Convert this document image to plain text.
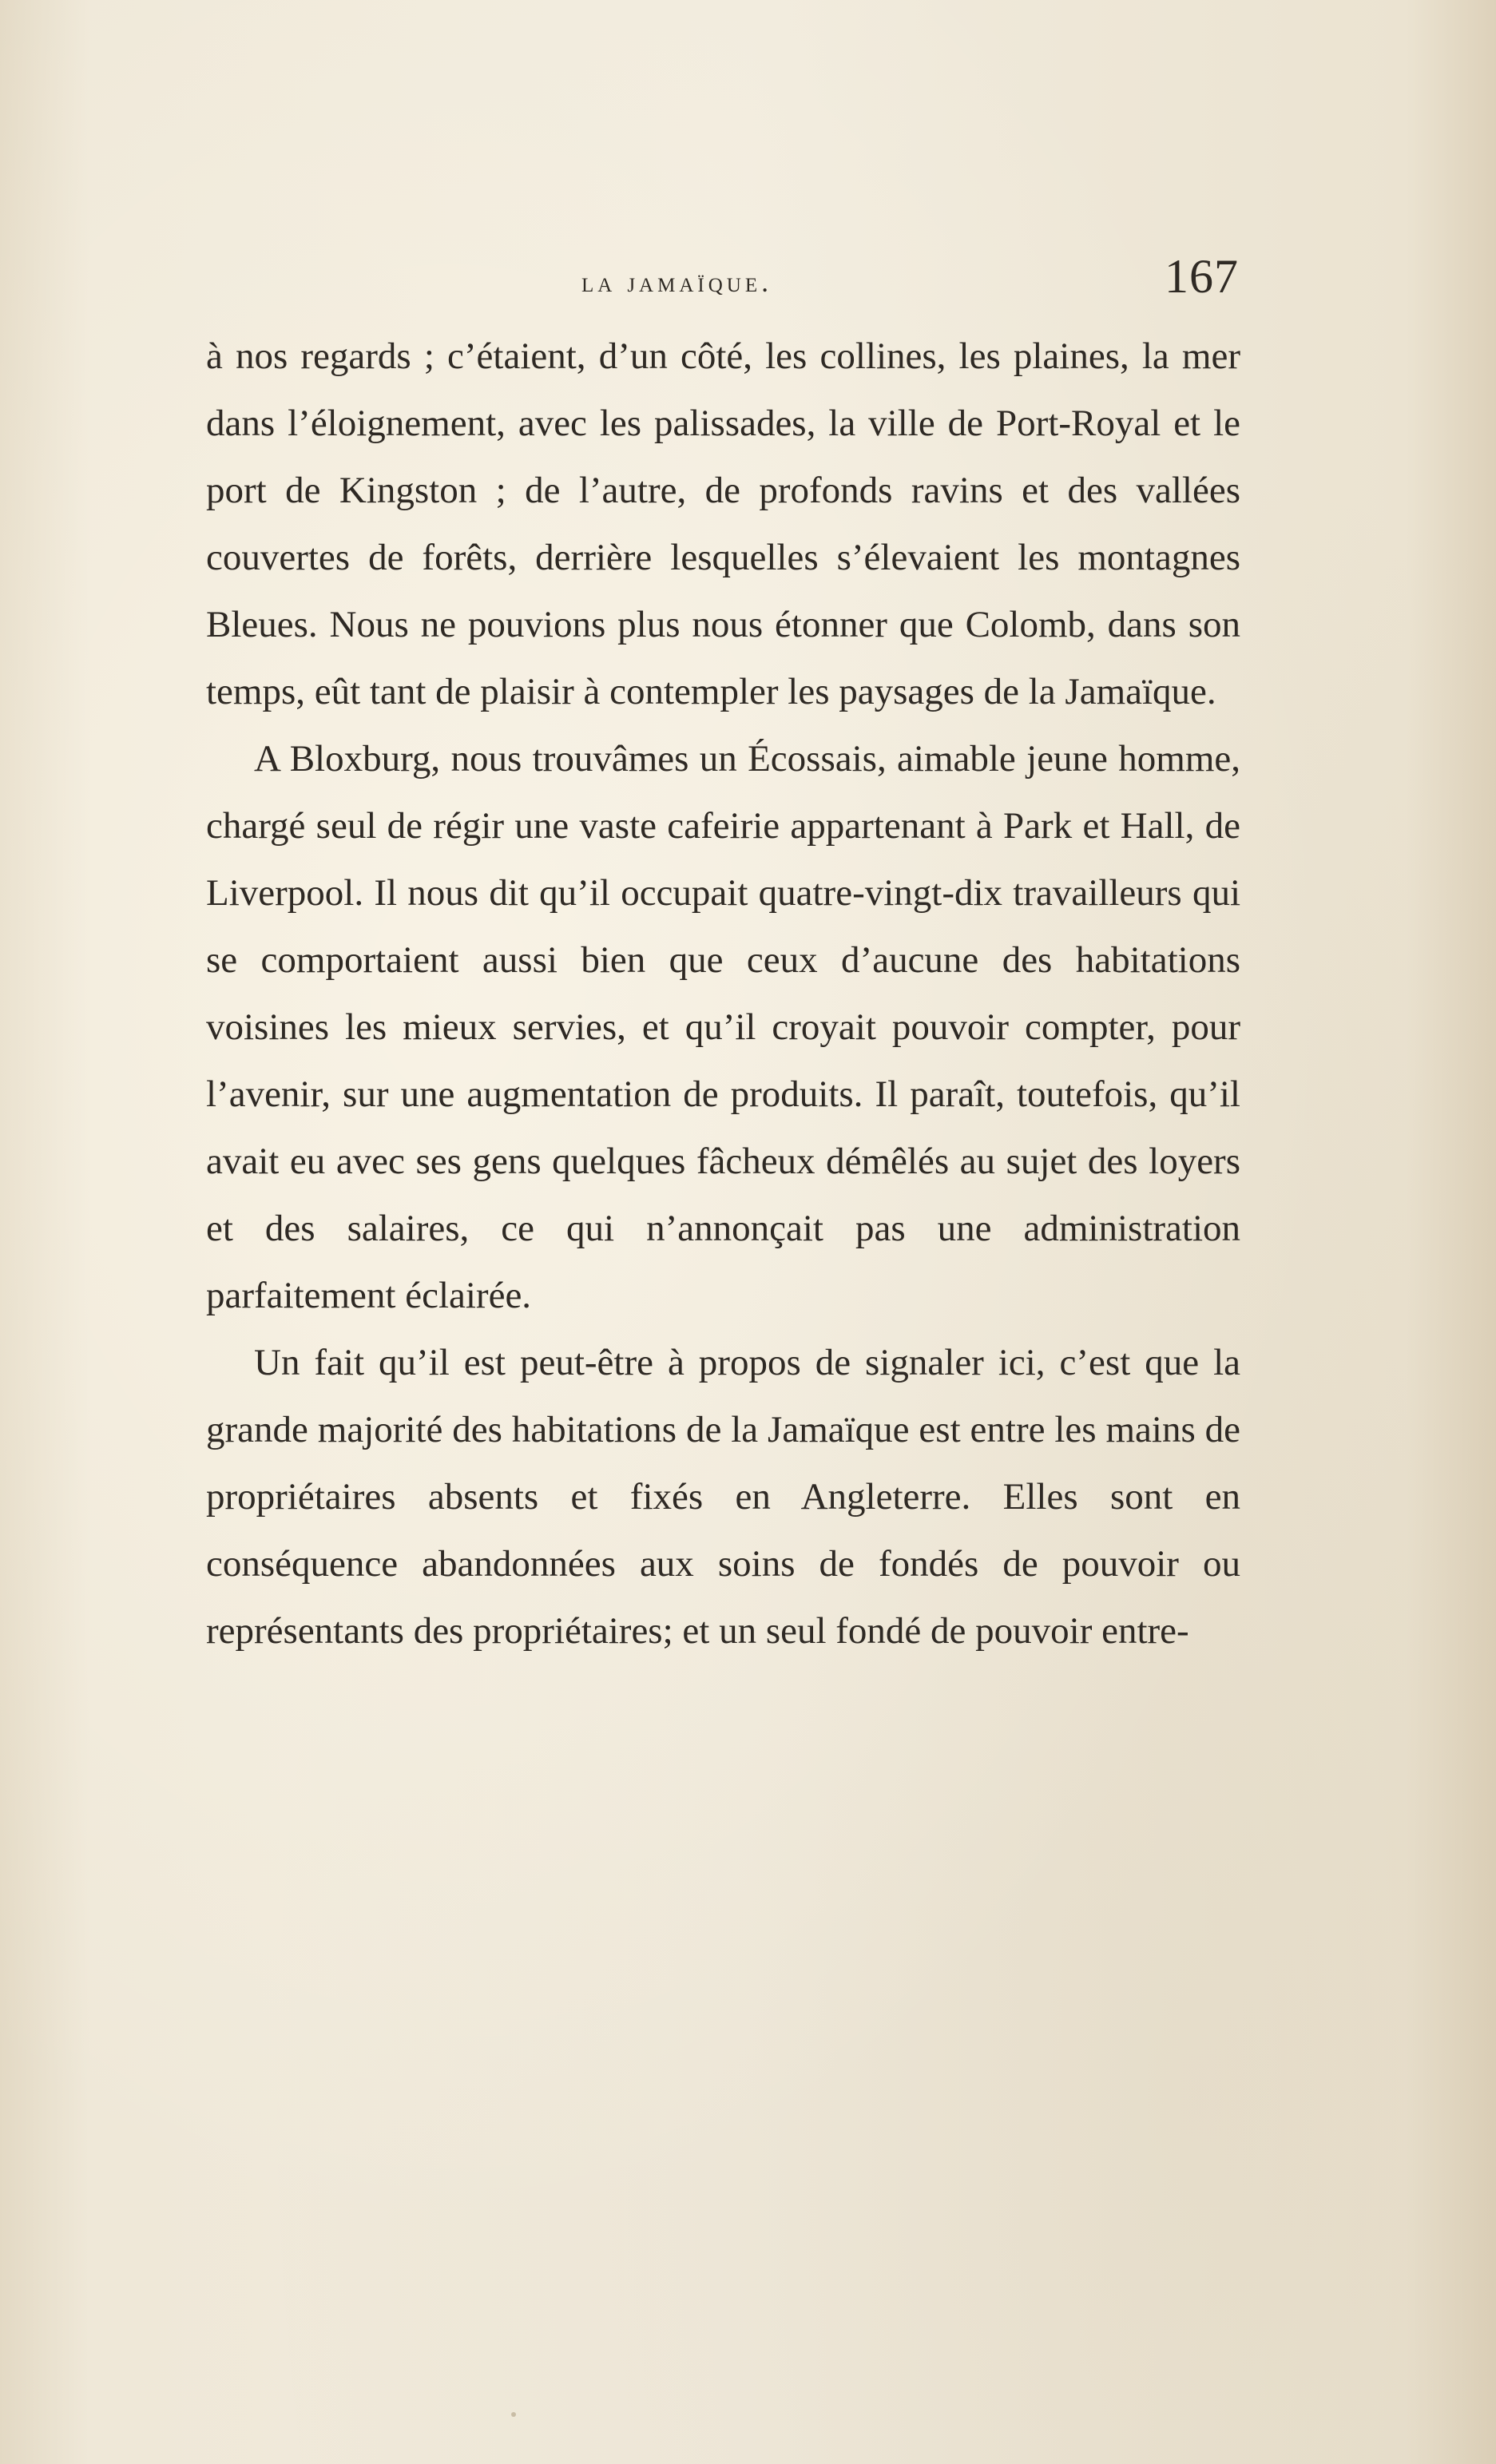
la jamaïque.	167

à nos regards ; c’étaient, d’un côté, les collines, les plaines, la mer dans l’éloignement, avec les palissades, la ville de Port-Royal et le port de Kingston ; de l’autre, de profonds ravins et des vallées couvertes de forêts, derrière lesquelles s’élevaient les montagnes Bleues. Nous ne pouvions plus nous étonner que Colomb, dans son temps, eût tant de plaisir à contempler les paysages de la Jamaïque.

A Bloxburg, nous trouvâmes un Écossais, aimable jeune homme, chargé seul de régir une vaste cafeirie appartenant à Park et Hall, de Liverpool. Il nous dit qu’il occupait quatre-vingt-dix travailleurs qui se comportaient aussi bien que ceux d’aucune des habitations voisines les mieux servies, et qu’il croyait pouvoir compter, pour l’avenir, sur une augmentation de produits. Il paraît, toutefois, qu’il avait eu avec ses gens quelques fâcheux démêlés au sujet des loyers et des salaires, ce qui n’annonçait pas une administration parfaitement éclairée.

Un fait qu’il est peut-être à propos de signaler ici, c’est que la grande majorité des habitations de la Jamaïque est entre les mains de propriétaires absents et fixés en Angleterre. Elles sont en conséquence abandonnées aux soins de fondés de pouvoir ou représentants des propriétaires; et un seul fondé de pouvoir entre-
